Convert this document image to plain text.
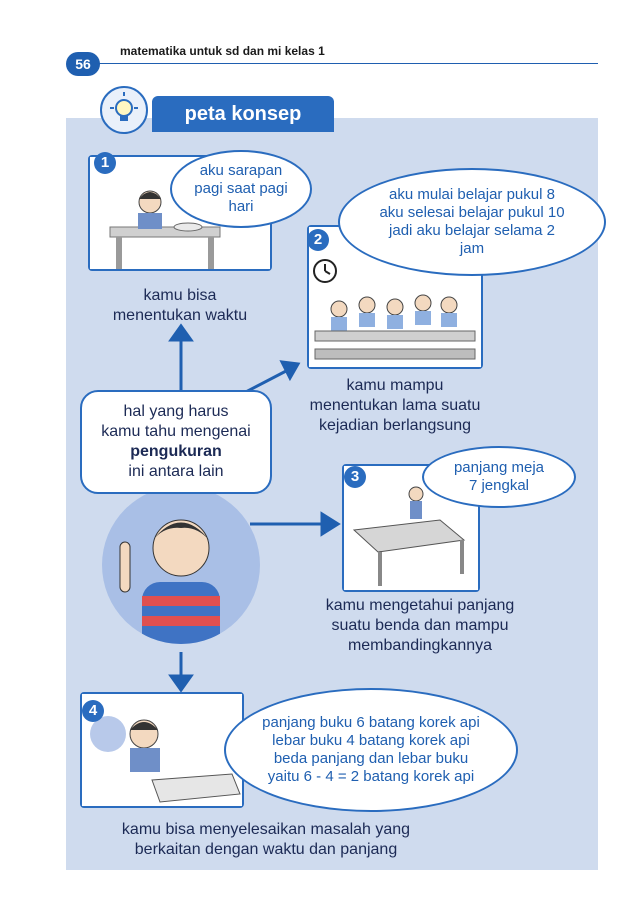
56
matematika untuk sd dan mi kelas 1
peta konsep
1	aku sarapan
pagi saat pagi
hari
kamu bisa
menentukan waktu
2
aku mulai belajar pukul 8
aku selesai belajar pukul 10
jadi aku belajar selama 2
jam
kamu mampu
menentukan lama suatu
kejadian berlangsung
hal yang harus
kamu tahu mengenai
pengukuran
ini antara lain	3
panjang meja
7 jengkal
kamu mengetahui panjang
suatu benda dan mampu
membandingkannya
4
panjang buku 6 batang korek api
lebar buku 4 batang korek api
beda panjang dan lebar buku
yaitu 6 - 4 = 2 batang korek api
kamu bisa menyelesaikan masalah yang
berkaitan dengan waktu dan panjang
